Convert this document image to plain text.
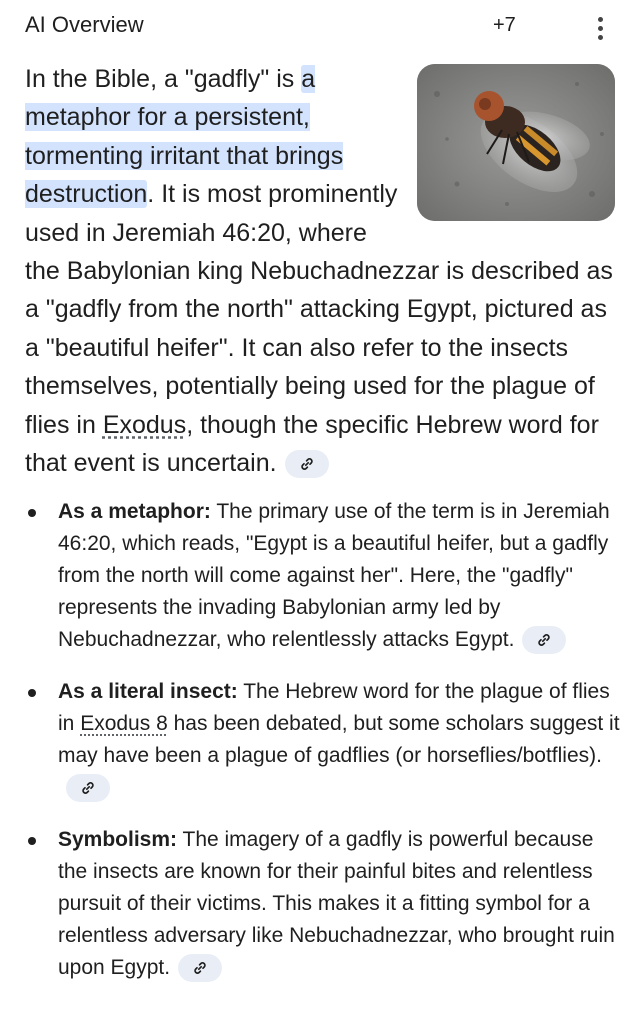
AI Overview	+7

In the Bible, a "gadfly" is a metaphor for a persistent, tormenting irritant that brings destruction. It is most prominently used in Jeremiah 46:20, where the Babylonian king Nebuchadnezzar is described as a "gadfly from the north" attacking Egypt, pictured as a "beautiful heifer". It can also refer to the insects themselves, potentially being used for the plague of flies in Exodus, though the specific Hebrew word for that event is uncertain.

As a metaphor: The primary use of the term is in Jeremiah 46:20, which reads, "Egypt is a beautiful heifer, but a gadfly from the north will come against her". Here, the "gadfly" represents the invading Babylonian army led by Nebuchadnezzar, who relentlessly attacks Egypt.
As a literal insect: The Hebrew word for the plague of flies in Exodus 8 has been debated, but some scholars suggest it may have been a plague of gadflies (or horseflies/botflies).
Symbolism: The imagery of a gadfly is powerful because the insects are known for their painful bites and relentless pursuit of their victims. This makes it a fitting symbol for a relentless adversary like Nebuchadnezzar, who brought ruin upon Egypt.
